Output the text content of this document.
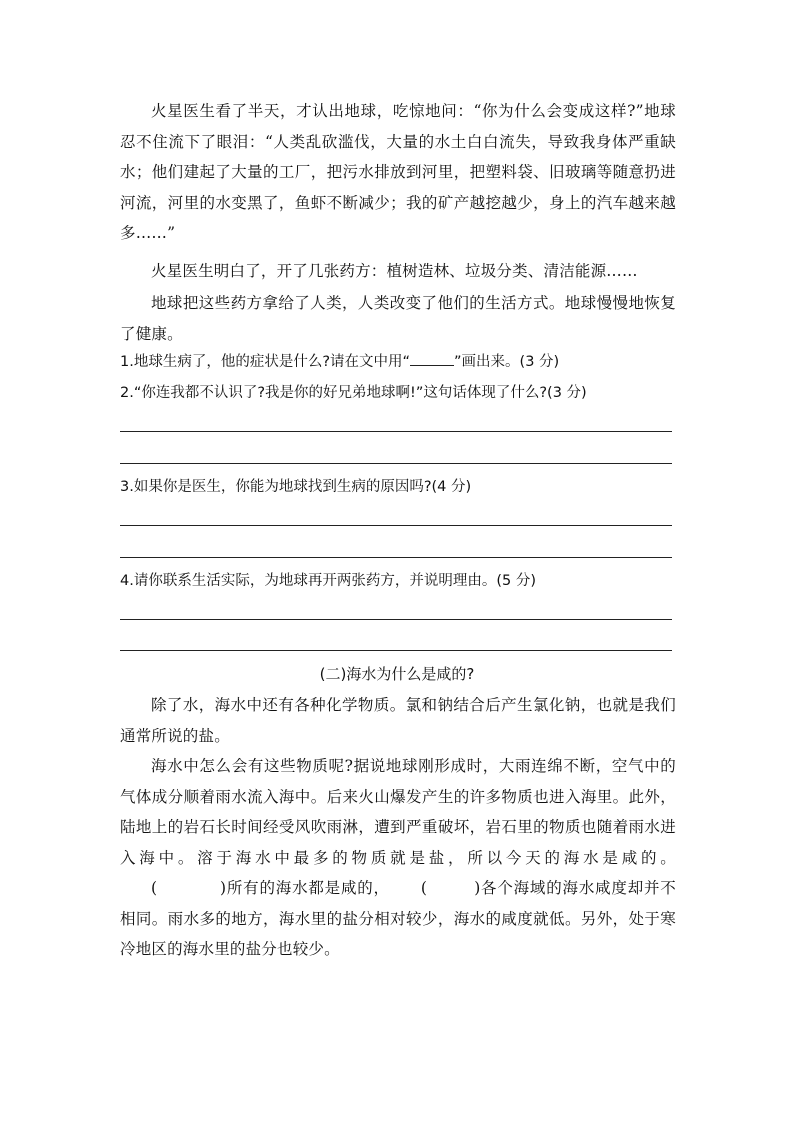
火星医生看了半天，才认出地球，吃惊地问：“你为什么会变成这样?”地球忍不住流下了眼泪：“人类乱砍滥伐，大量的水土白白流失，导致我身体严重缺水；他们建起了大量的工厂，把污水排放到河里，把塑料袋、旧玻璃等随意扔进河流，河里的水变黑了，鱼虾不断减少；我的矿产越挖越少，身上的汽车越来越多……”

火星医生明白了，开了几张药方：植树造林、垃圾分类、清洁能源……

地球把这些药方拿给了人类，人类改变了他们的生活方式。地球慢慢地恢复了健康。

1.地球生病了，他的症状是什么?请在文中用“	”画出来。(3 分)

2.“你连我都不认识了?我是你的好兄弟地球啊!”这句话体现了什么?(3 分)

3.如果你是医生，你能为地球找到生病的原因吗?(4 分)

4.请你联系生活实际，为地球再开两张药方，并说明理由。(5 分)

(二)海水为什么是咸的?

除了水，海水中还有各种化学物质。氯和钠结合后产生氯化钠，也就是我们通常所说的盐。

海水中怎么会有这些物质呢?据说地球刚形成时，大雨连绵不断，空气中的气体成分顺着雨水流入海中。后来火山爆发产生的许多物质也进入海里。此外，陆地上的岩石长时间经受风吹雨淋，遭到严重破坏，岩石里的物质也随着雨水进入海中。溶于海水中最多的物质就是盐，所以今天的海水是咸的。(　　　　)所有的海水都是咸的， (　　　)各个海域的海水咸度却并不相同。雨水多的地方，海水里的盐分相对较少，海水的咸度就低。另外，处于寒冷地区的海水里的盐分也较少。
